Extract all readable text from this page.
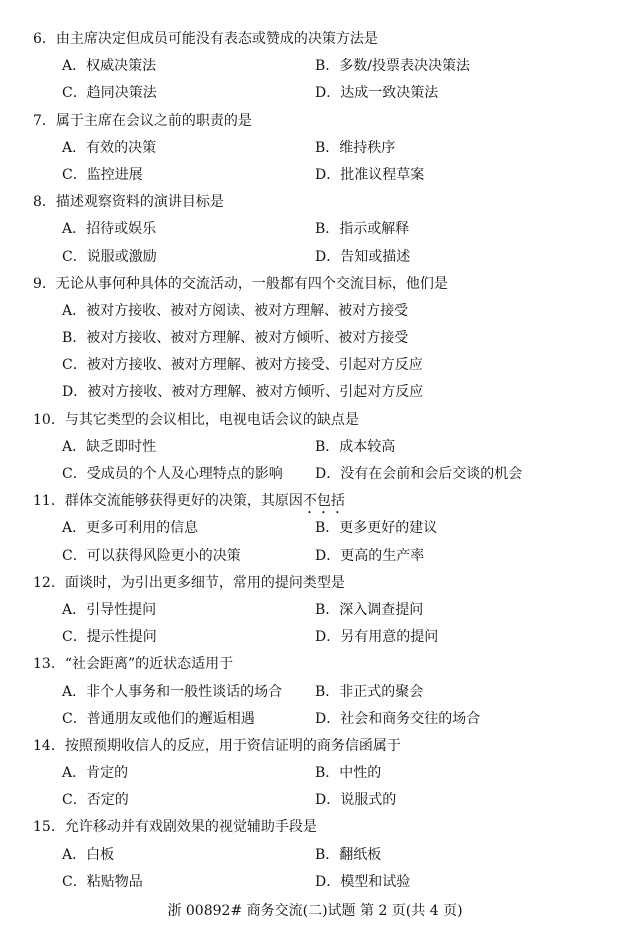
6．由主席决定但成员可能没有表态或赞成的决策方法是
A．权威决策法	B．多数/投票表决决策法
C．趋同决策法	D．达成一致决策法
7．属于主席在会议之前的职责的是
A．有效的决策	B．维持秩序
C．监控进展	D．批准议程草案
8．描述观察资料的演讲目标是
A．招待或娱乐	B．指示或解释
C．说服或激励	D．告知或描述
9．无论从事何种具体的交流活动，一般都有四个交流目标，他们是
A．被对方接收、被对方阅读、被对方理解、被对方接受
B．被对方接收、被对方理解、被对方倾听、被对方接受
C．被对方接收、被对方理解、被对方接受、引起对方反应
D．被对方接收、被对方理解、被对方倾听、引起对方反应
10．与其它类型的会议相比，电视电话会议的缺点是
A．缺乏即时性	B．成本较高
C．受成员的个人及心理特点的影响	D．没有在会前和会后交谈的机会
11．群体交流能够获得更好的决策，其原因不包括
A．更多可利用的信息	B．更多更好的建议
C．可以获得风险更小的决策	D．更高的生产率
12．面谈时，为引出更多细节，常用的提问类型是
A．引导性提问	B．深入调查提问
C．提示性提问	D．另有用意的提问
13．“社会距离”的近状态适用于
A．非个人事务和一般性谈话的场合	B．非正式的聚会
C．普通朋友或他们的邂逅相遇	D．社会和商务交往的场合
14．按照预期收信人的反应，用于资信证明的商务信函属于
A．肯定的	B．中性的
C．否定的	D．说服式的
15．允许移动并有戏剧效果的视觉辅助手段是
A．白板	B．翻纸板
C．粘贴物品	D．模型和试验
浙 00892# 商务交流(二)试题 第 2 页(共 4 页)
